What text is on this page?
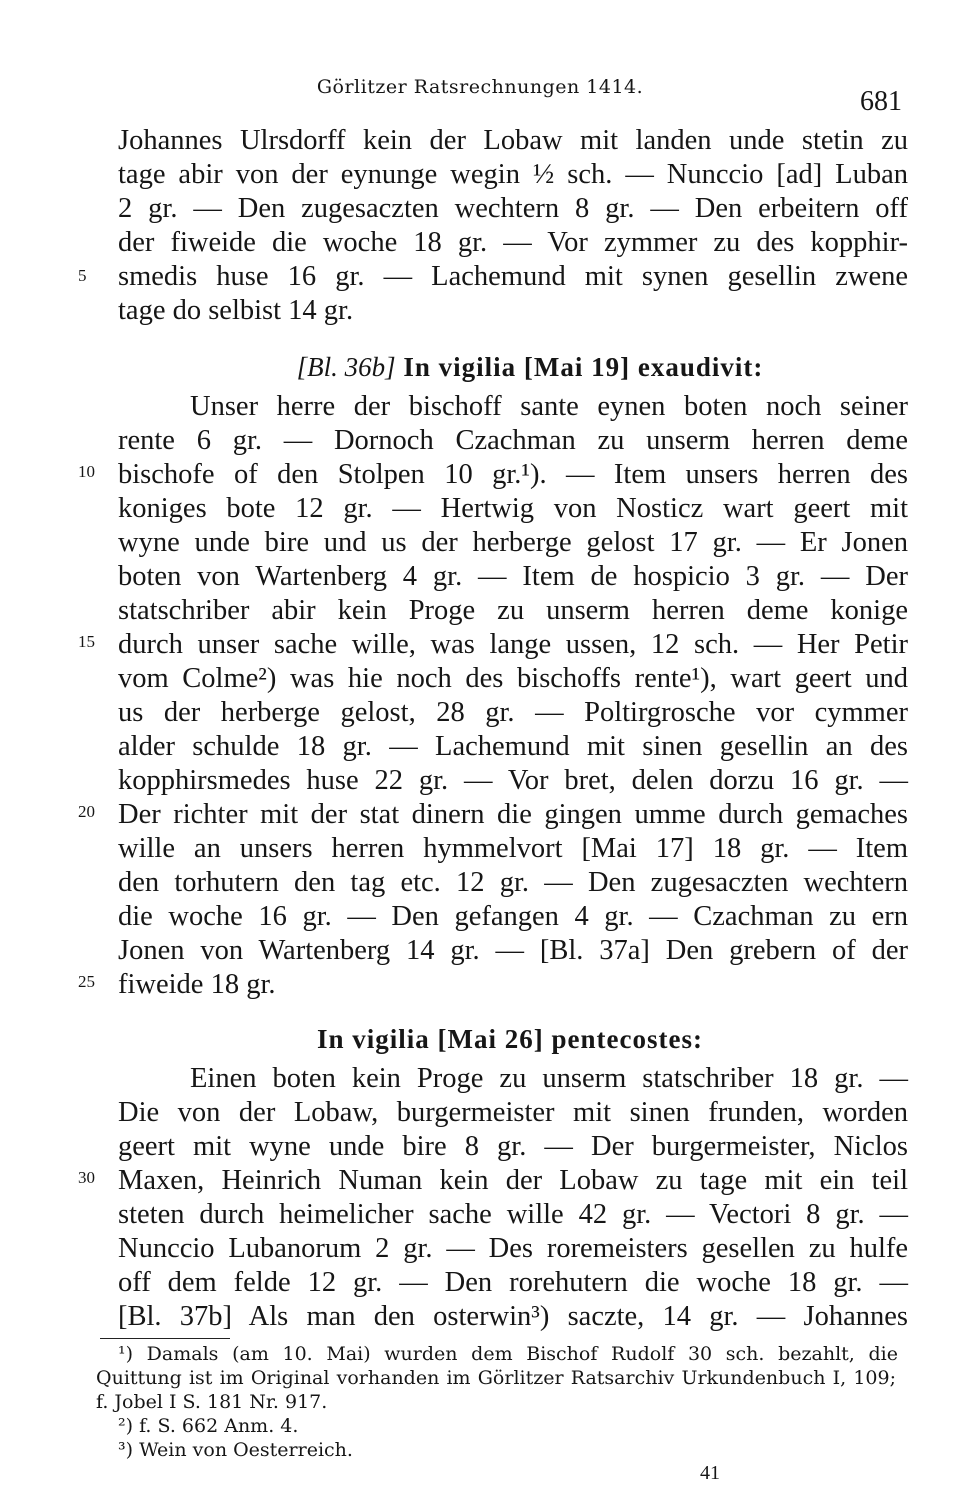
Görlitzer Ratsrechnungen 1414.	681
Johannes Ulrsdorff kein der Lobaw mit landen unde stetin zu
tage abir von der eynunge wegin ½ sch. — Nunccio [ad] Luban
2 gr. — Den zugesaczten wechtern 8 gr. — Den erbeitern off
der fiweide die woche 18 gr. — Vor zymmer zu des kopphir-
5	smedis huse 16 gr. — Lachemund mit synen gesellin zwene
tage do selbist 14 gr.
[Bl. 36b] In vigilia [Mai 19] exaudivit:
Unser herre der bischoff sante eynen boten noch seiner
rente 6 gr. — Dornoch Czachman zu unserm herren deme
10 bischofe of den Stolpen 10 gr.¹). — Item unsers herren des
koniges bote 12 gr. — Hertwig von Nosticz wart geert mit
wyne unde bire und us der herberge gelost 17 gr. — Er Jonen
boten von Wartenberg 4 gr. — Item de hospicio 3 gr. — Der
statschriber abir kein Proge zu unserm herren deme konige
15 durch unser sache wille, was lange ussen, 12 sch. — Her Petir
vom Colme²) was hie noch des bischoffs rente¹), wart geert und
us der herberge gelost, 28 gr. — Poltirgrosche vor cymmer
alder schulde 18 gr. — Lachemund mit sinen gesellin an des
kopphirsmedes huse 22 gr. — Vor bret, delen dorzu 16 gr. —
20 Der richter mit der stat dinern die gingen umme durch gemaches
wille an unsers herren hymmelvort [Mai 17] 18 gr. — Item
den torhutern den tag etc. 12 gr. — Den zugesaczten wechtern
die woche 16 gr. — Den gefangen 4 gr. — Czachman zu ern
Jonen von Wartenberg 14 gr. — [Bl. 37a] Den grebern of der
25 fiweide 18 gr.
In vigilia [Mai 26] pentecostes:
Einen boten kein Proge zu unserm statschriber 18 gr. —
Die von der Lobaw, burgermeister mit sinen frunden, worden
geert mit wyne unde bire 8 gr. — Der burgermeister, Niclos
30 Maxen, Heinrich Numan kein der Lobaw zu tage mit ein teil
steten durch heimelicher sache wille 42 gr. — Vectori 8 gr. —
Nunccio Lubanorum 2 gr. — Des roremeisters gesellen zu hulfe
off dem felde 12 gr. — Den rorehutern die woche 18 gr. —
[Bl. 37b] Als man den osterwin³) saczte, 14 gr. — Johannes
¹) Damals (am 10. Mai) wurden dem Bischof Rudolf 30 sch. bezahlt, die
Quittung ist im Original vorhanden im Görlitzer Ratsarchiv Urkundenbuch I, 109;
f. Jobel I S. 181 Nr. 917.
²) f. S. 662 Anm. 4.
³) Wein von Oesterreich.
41
